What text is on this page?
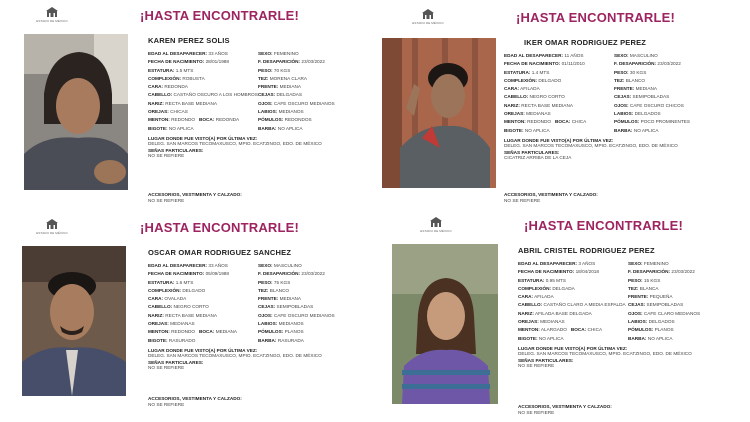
ESTADO DE MÉXICO	¡HASTA ENCONTRARLE!
KAREN PEREZ SOLIS
EDAD AL DESAPARECER: 33 AÑOS	SEXO: FEMENINO
FECHA DE NACIMIENTO: 28/01/1988	F. DESAPARICIÓN: 23/03/2022
ESTATURA: 1.5 MTS	PESO: 70 KGS
COMPLEXIÓN: ROBUSTA	TEZ: MORENA CLARA
CARA: REDONDA	FRENTE: MEDIANA
CABELLO: CASTAÑO OSCURO A LOS HOMBROS CEJAS: DELGADAS
NARIZ: RECTA BASE MEDIANA	OJOS: CAFE OSCURO MEDIANOS
OREJAS: CHICAS	LABIOS: MEDIANOS
MENTON: REDONDO BOCA: REDONDA	PÓMULOS: REDONDOS
BIGOTE: NO APLICA	BARBA: NO APLICA
LUGAR DONDE FUE VISTO(A) POR ÚLTIMA VEZ:
DELEG. SAN MARCOS TECOMAXUSCO, MPIO. ECATZINGO, EDO. DE MÉXICO
SEÑAS PARTICULARES:
NO SE REFIERE
ACCESORIOS, VESTIMENTA Y CALZADO:
NO SE REFIERE
ESTADO DE MÉXICO	¡HASTA ENCONTRARLE!
IKER OMAR RODRIGUEZ PEREZ
EDAD AL DESAPARECER: 11 AÑOS	SEXO: MASCULINO
FECHA DE NACIMIENTO: 01/11/2010	F. DESAPARICIÓN: 23/03/2022
ESTATURA: 1.4 MTS	PESO: 30 KGS
COMPLEXIÓN: DELGADO	TEZ: BLANCO
CARA: AFILADA	FRENTE: MEDIANA
CABELLO: NEGRO CORTO	CEJAS: SEMIPOBLADAS
NARIZ: RECTA BASE MEDIANA	OJOS: CAFE OSCURO CHICOS
OREJAS: MEDIANAS	LABIOS: DELGADOS
MENTON: REDONDO BOCA: CHICA	PÓMULOS: POCO PROMINENTES
BIGOTE: NO APLICA	BARBA: NO APLICA
LUGAR DONDE FUE VISTO(A) POR ÚLTIMA VEZ:
DELEG. SAN MARCOS TECOMAXUSCO, MPIO. ECATZINGO, EDO. DE MÉXICO
SEÑAS PARTICULARES:
CICATRIZ ARRIBA DE LA CEJA
ACCESORIOS, VESTIMENTA Y CALZADO:
NO SE REFIERE
ESTADO DE MÉXICO	¡HASTA ENCONTRARLE!
OSCAR OMAR RODRIGUEZ SANCHEZ
EDAD AL DESAPARECER: 33 AÑOS	SEXO: MASCULINO
FECHA DE NACIMIENTO: 05/09/1988	F. DESAPARICIÓN: 23/03/2022
ESTATURA: 1.6 MTS	PESO: 75 KGS
COMPLEXIÓN: DELGADO	TEZ: BLANCO
CARA: OVALADA	FRENTE: MEDIANA
CABELLO: NEGRO CORTO	CEJAS: SEMIPOBLADAS
NARIZ: RECTA BASE MEDIANA	OJOS: CAFE OSCURO MEDIANOS
OREJAS: MEDIANAS	LABIOS: MEDIANOS
MENTON: REDONDO BOCA: MEDIANA	PÓMULOS: PLANOS
BIGOTE: RASURADO	BARBA: RASURADA
LUGAR DONDE FUE VISTO(A) POR ÚLTIMA VEZ:
DELEG. SAN MARCOS TECOMAXUSCO, MPIO. ECATZINGO, EDO. DE MÉXICO
SEÑAS PARTICULARES:
NO SE REFIERE
ACCESORIOS, VESTIMENTA Y CALZADO:
NO SE REFIERE
ESTADO DE MÉXICO	¡HASTA ENCONTRARLE!
ABRIL CRISTEL RODRIGUEZ PEREZ
EDAD AL DESAPARECER: 3 AÑOS	SEXO: FEMENINO
FECHA DE NACIMIENTO: 18/04/2018	F. DESAPARICIÓN: 23/03/2022
ESTATURA: 0.95 MTS	PESO: 15 KGS
COMPLEXIÓN: DELGADA	TEZ: BLANCA
CARA: AFILADA	FRENTE: PEQUEÑA
CABELLO: CASTAÑO CLARO A MEDIA ESPALDA CEJAS: SEMIPOBLADAS
NARIZ: AFILADA BASE DELGADA	OJOS: CAFE CLARO MEDIANOS
OREJAS: MEDIANAS	LABIOS: DELGADOS
MENTON: ALARGADO BOCA: CHICA	PÓMULOS: PLANOS
BIGOTE: NO APLICA	BARBA: NO APLICA
LUGAR DONDE FUE VISTO(A) POR ÚLTIMA VEZ:
DELEG. SAN MARCOS TECOMAXUSCO, MPIO. ECATZINGO, EDO. DE MÉXICO
SEÑAS PARTICULARES:
NO SE REFIERE
ACCESORIOS, VESTIMENTA Y CALZADO:
NO SE REFIERE
